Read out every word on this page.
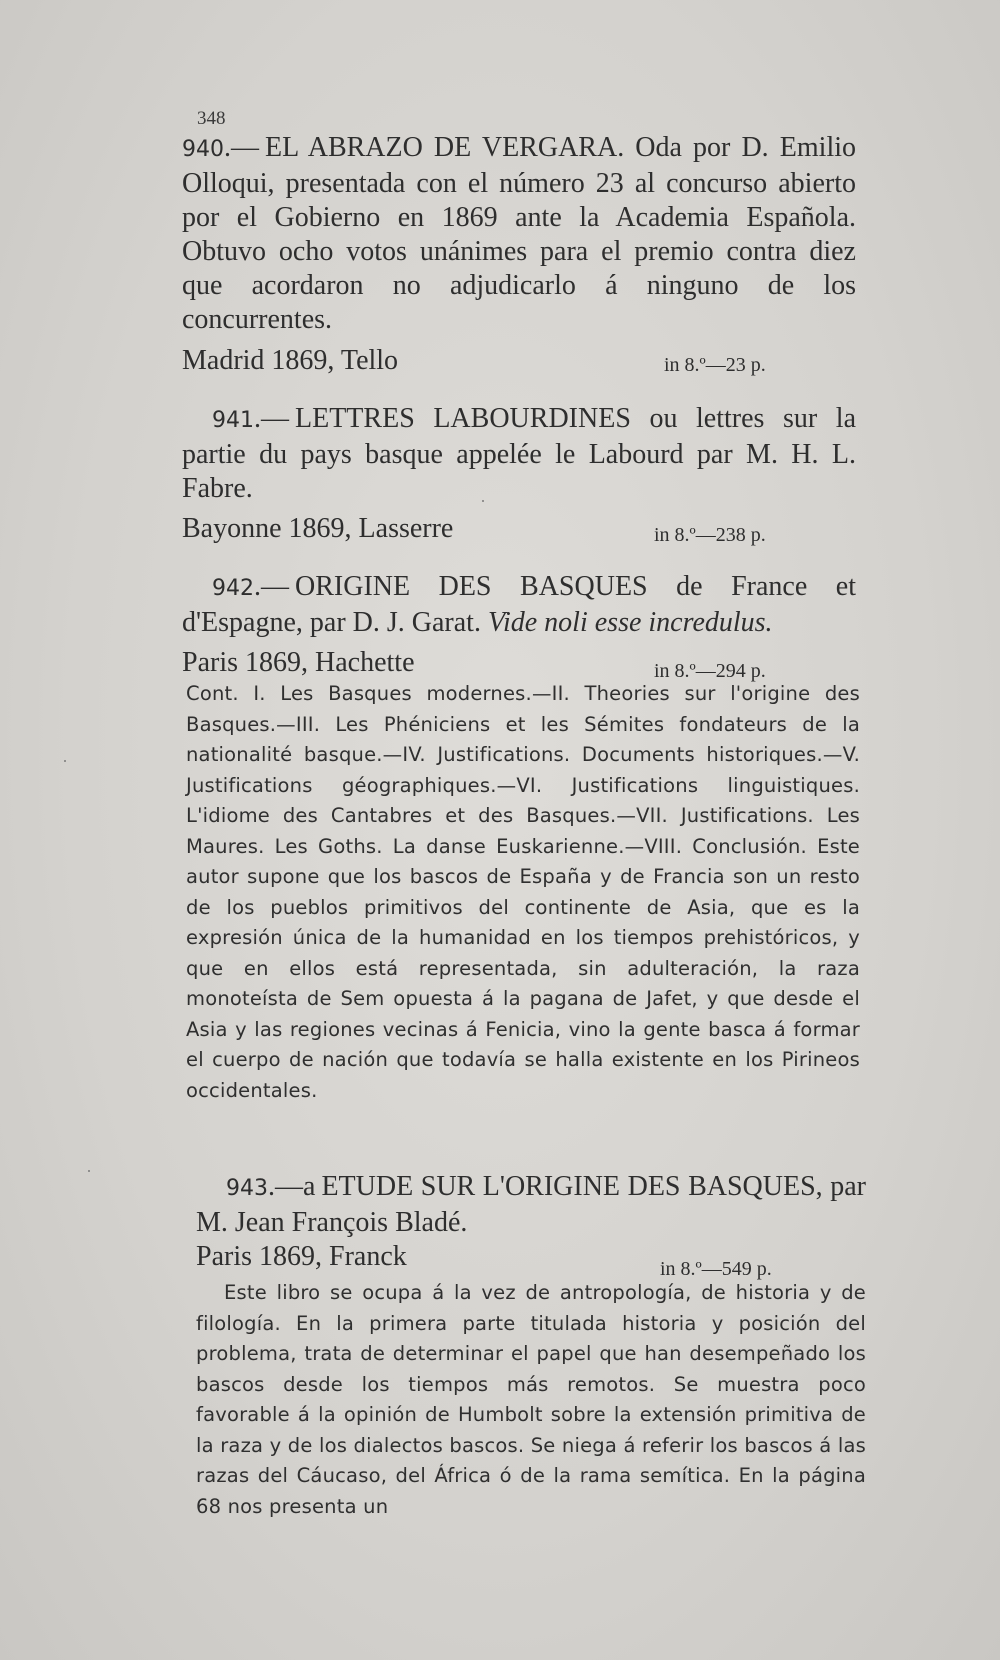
348
940.— EL ABRAZO DE VERGARA. Oda por D. Emilio Olloqui, presentada con el número 23 al concurso abierto por el Gobierno en 1869 ante la Academia Española. Obtuvo ocho votos unánimes para el premio contra diez que acordaron no adjudicarlo á ninguno de los concurrentes.
Madrid 1869, Tello	in 8.º—23 p.
941.— LETTRES LABOURDINES ou lettres sur la partie du pays basque appelée le Labourd par M. H. L. Fabre.
Bayonne 1869, Lasserre	in 8.º—238 p.
942.— ORIGINE DES BASQUES de France et d'Espagne, par D. J. Garat. Vide noli esse incredulus.
Paris 1869, Hachette	in 8.º—294 p.

Cont. I. Les Basques modernes.—II. Theories sur l'origine des Basques.—III. Les Phéniciens et les Sémites fondateurs de la nationalité basque.—IV. Justifications. Documents historiques.—V. Justifications géographiques.—VI. Justifications linguistiques. L'idiome des Cantabres et des Basques.—VII. Justifications. Les Maures. Les Goths. La danse Euskarienne.—VIII. Conclusión. Este autor supone que los bascos de España y de Francia son un resto de los pueblos primitivos del continente de Asia, que es la expresión única de la humanidad en los tiempos prehistóricos, y que en ellos está representada, sin adulteración, la raza monoteísta de Sem opuesta á la pagana de Jafet, y que desde el Asia y las regiones vecinas á Fenicia, vino la gente basca á formar el cuerpo de nación que todavía se halla existente en los Pirineos occidentales.

943.—a ETUDE SUR L'ORIGINE DES BASQUES, par M. Jean François Bladé.
Paris 1869, Franck	in 8.º—549 p.

Este libro se ocupa á la vez de antropología, de historia y de filología. En la primera parte titulada historia y posición del problema, trata de determinar el papel que han desempeñado los bascos desde los tiempos más remotos. Se muestra poco favorable á la opinión de Humbolt sobre la extensión primitiva de la raza y de los dialectos bascos. Se niega á referir los bascos á las razas del Cáucaso, del África ó de la rama semítica. En la página 68 nos presenta un
